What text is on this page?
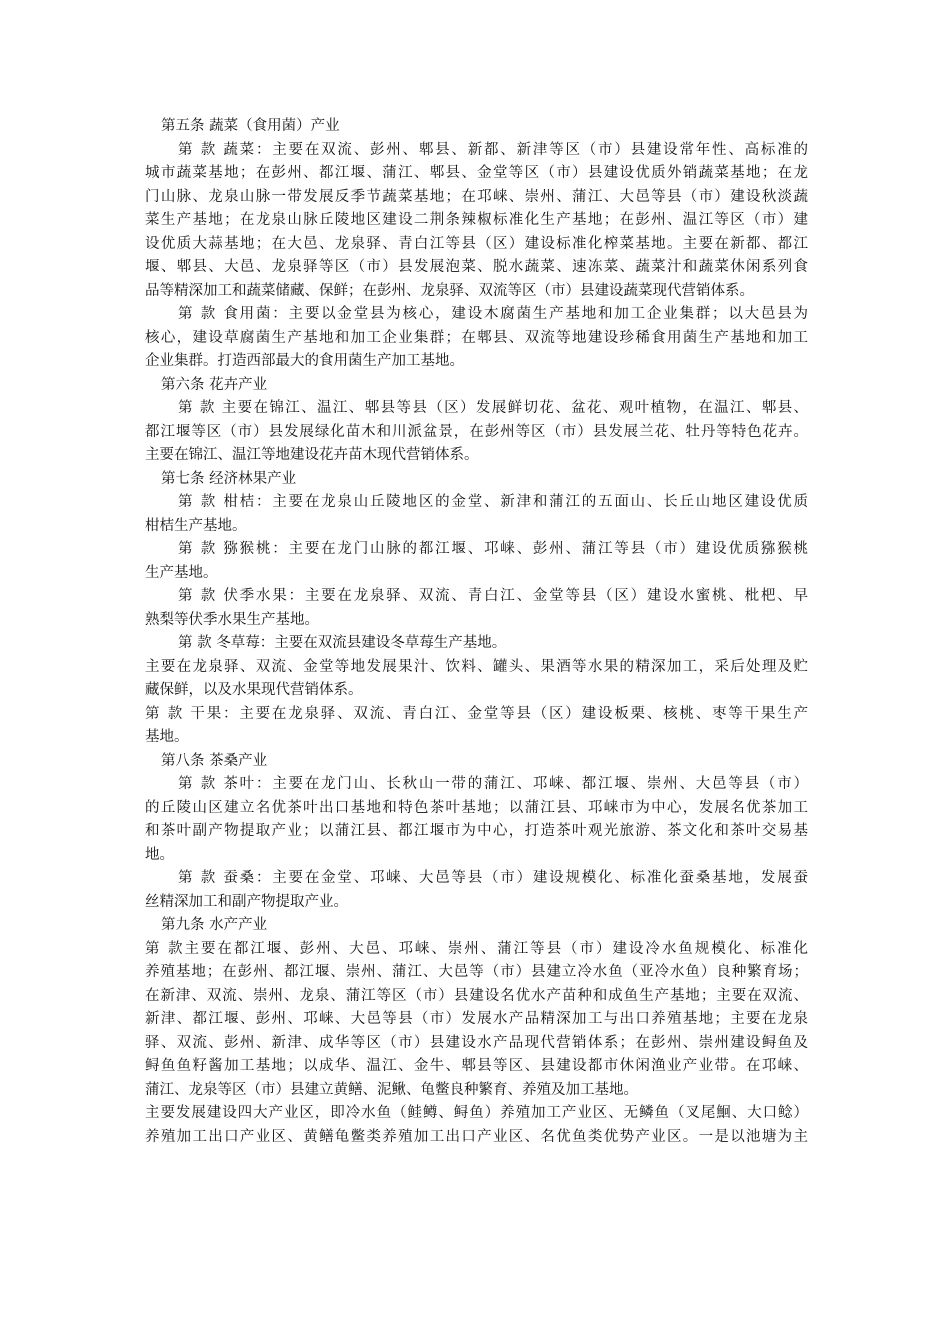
第五条 蔬菜（食用菌）产业
第 款 蔬菜：主要在双流、彭州、郫县、新都、新津等区（市）县建设常年性、高标准的
城市蔬菜基地；在彭州、都江堰、蒲江、郫县、金堂等区（市）县建设优质外销蔬菜基地；在龙
门山脉、龙泉山脉一带发展反季节蔬菜基地；在邛崃、崇州、蒲江、大邑等县（市）建设秋淡蔬
菜生产基地；在龙泉山脉丘陵地区建设二荆条辣椒标准化生产基地；在彭州、温江等区（市）建
设优质大蒜基地；在大邑、龙泉驿、青白江等县（区）建设标准化榨菜基地。主要在新都、都江
堰、郫县、大邑、龙泉驿等区（市）县发展泡菜、脱水蔬菜、速冻菜、蔬菜汁和蔬菜休闲系列食
品等精深加工和蔬菜储藏、保鲜；在彭州、龙泉驿、双流等区（市）县建设蔬菜现代营销体系。
第 款 食用菌：主要以金堂县为核心，建设木腐菌生产基地和加工企业集群；以大邑县为
核心，建设草腐菌生产基地和加工企业集群；在郫县、双流等地建设珍稀食用菌生产基地和加工
企业集群。打造西部最大的食用菌生产加工基地。
第六条 花卉产业
第 款 主要在锦江、温江、郫县等县（区）发展鲜切花、盆花、观叶植物，在温江、郫县、
都江堰等区（市）县发展绿化苗木和川派盆景，在彭州等区（市）县发展兰花、牡丹等特色花卉。
主要在锦江、温江等地建设花卉苗木现代营销体系。
第七条 经济林果产业
第 款 柑桔：主要在龙泉山丘陵地区的金堂、新津和蒲江的五面山、长丘山地区建设优质
柑桔生产基地。
第 款 猕猴桃：主要在龙门山脉的都江堰、邛崃、彭州、蒲江等县（市）建设优质猕猴桃
生产基地。
第 款 伏季水果：主要在龙泉驿、双流、青白江、金堂等县（区）建设水蜜桃、枇杷、早
熟梨等伏季水果生产基地。
第 款 冬草莓：主要在双流县建设冬草莓生产基地。
主要在龙泉驿、双流、金堂等地发展果汁、饮料、罐头、果酒等水果的精深加工，采后处理及贮
藏保鲜，以及水果现代营销体系。
第 款 干果：主要在龙泉驿、双流、青白江、金堂等县（区）建设板栗、核桃、枣等干果生产
基地。
第八条 茶桑产业
第 款 茶叶：主要在龙门山、长秋山一带的蒲江、邛崃、都江堰、崇州、大邑等县（市）
的丘陵山区建立名优茶叶出口基地和特色茶叶基地；以蒲江县、邛崃市为中心，发展名优茶加工
和茶叶副产物提取产业；以蒲江县、都江堰市为中心，打造茶叶观光旅游、茶文化和茶叶交易基
地。
第 款 蚕桑：主要在金堂、邛崃、大邑等县（市）建设规模化、标准化蚕桑基地，发展蚕
丝精深加工和副产物提取产业。
第九条 水产产业
第 款主要在都江堰、彭州、大邑、邛崃、崇州、蒲江等县（市）建设冷水鱼规模化、标准化
养殖基地；在彭州、都江堰、崇州、蒲江、大邑等（市）县建立冷水鱼（亚冷水鱼）良种繁育场；
在新津、双流、崇州、龙泉、蒲江等区（市）县建设名优水产苗种和成鱼生产基地；主要在双流、
新津、都江堰、彭州、邛崃、大邑等县（市）发展水产品精深加工与出口养殖基地；主要在龙泉
驿、双流、彭州、新津、成华等区（市）县建设水产品现代营销体系；在彭州、崇州建设鲟鱼及
鲟鱼鱼籽酱加工基地；以成华、温江、金牛、郫县等区、县建设都市休闲渔业产业带。在邛崃、
蒲江、龙泉等区（市）县建立黄鳝、泥鳅、龟鳖良种繁育、养殖及加工基地。
主要发展建设四大产业区，即冷水鱼（鲑鳟、鲟鱼）养殖加工产业区、无鳞鱼（叉尾鮰、大口鲶）
养殖加工出口产业区、黄鳝龟鳖类养殖加工出口产业区、名优鱼类优势产业区。一是以池塘为主
